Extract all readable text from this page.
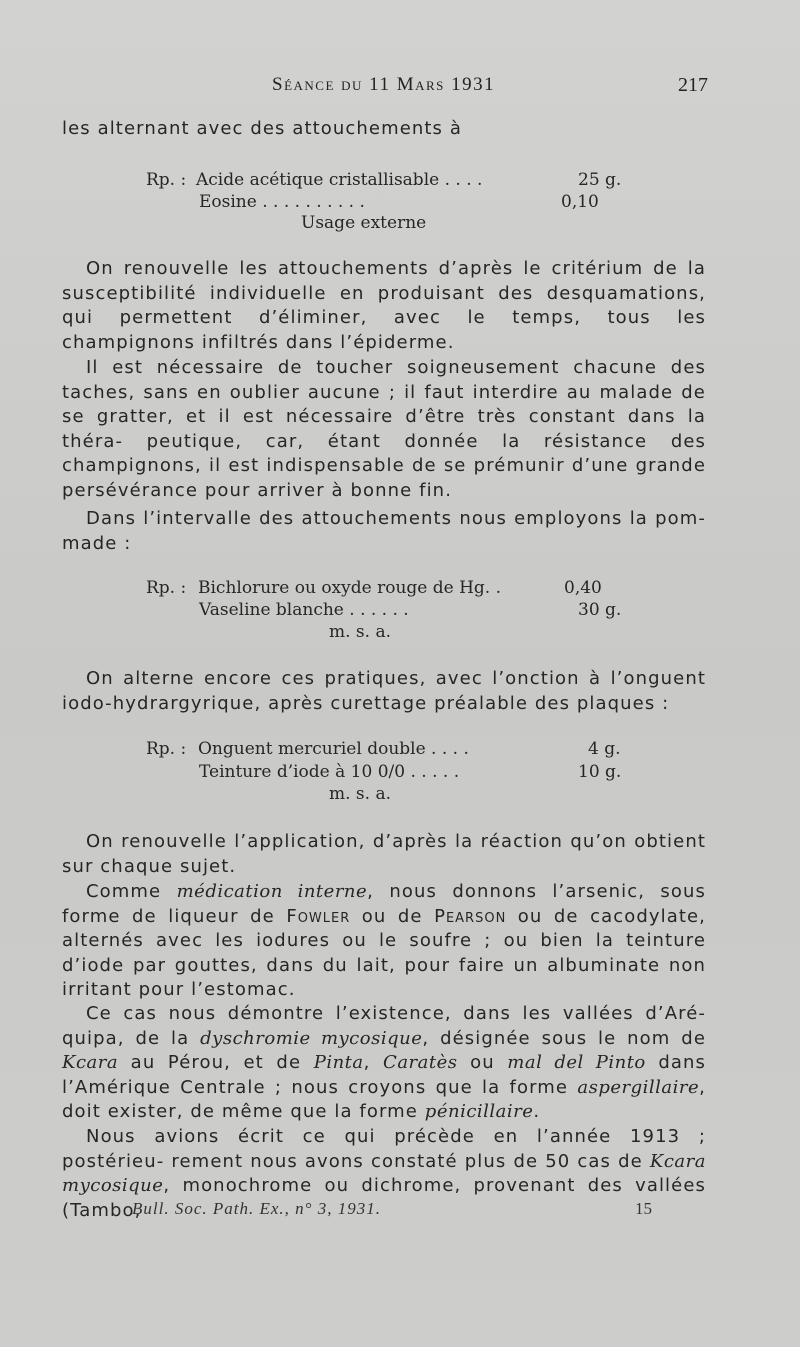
Séance du 11 Mars 1931	217
les alternant avec des attouchements à
Rp. : Acide acétique cristallisable . . . .	25 g.
Eosine . . . . . . . . . .	0,10
Usage externe
On renouvelle les attouchements d’après le critérium de la susceptibilité individuelle en produisant des desquamations, qui permettent d’éliminer, avec le temps, tous les champignons infiltrés dans l’épiderme.
Il est nécessaire de toucher soigneusement chacune des taches, sans en oublier aucune ; il faut interdire au malade de se gratter, et il est nécessaire d’être très constant dans la théra- peutique, car, étant donnée la résistance des champignons, il est indispensable de se prémunir d’une grande persévérance pour arriver à bonne fin.
Dans l’intervalle des attouchements nous employons la pom- made :
Rp. : Bichlorure ou oxyde rouge de Hg. .	0,40
Vaseline blanche . . . . . .	30 g.
m. s. a.
On alterne encore ces pratiques, avec l’onction à l’onguent iodo-hydrargyrique, après curettage préalable des plaques :
Rp. : Onguent mercuriel double . . . .	4 g.
Teinture d’iode à 10 0/0 . . . . .	10 g.
m. s. a.
On renouvelle l’application, d’après la réaction qu’on obtient sur chaque sujet.
Comme médication interne, nous donnons l’arsenic, sous forme de liqueur de Fowler ou de Pearson ou de cacodylate, alternés avec les iodures ou le soufre ; ou bien la teinture d’iode par gouttes, dans du lait, pour faire un albuminate non irritant pour l’estomac.
Ce cas nous démontre l’existence, dans les vallées d’Aré- quipa, de la dyschromie mycosique, désignée sous le nom de Kcara au Pérou, et de Pinta, Caratès ou mal del Pinto dans l’Amérique Centrale ; nous croyons que la forme aspergillaire, doit exister, de même que la forme pénicillaire.
Nous avions écrit ce qui précède en l’année 1913 ; postérieu- rement nous avons constaté plus de 50 cas de Kcara mycosique, monochrome ou dichrome, provenant des vallées (Tambo,
Bull. Soc. Path. Ex., n° 3, 1931.	15
